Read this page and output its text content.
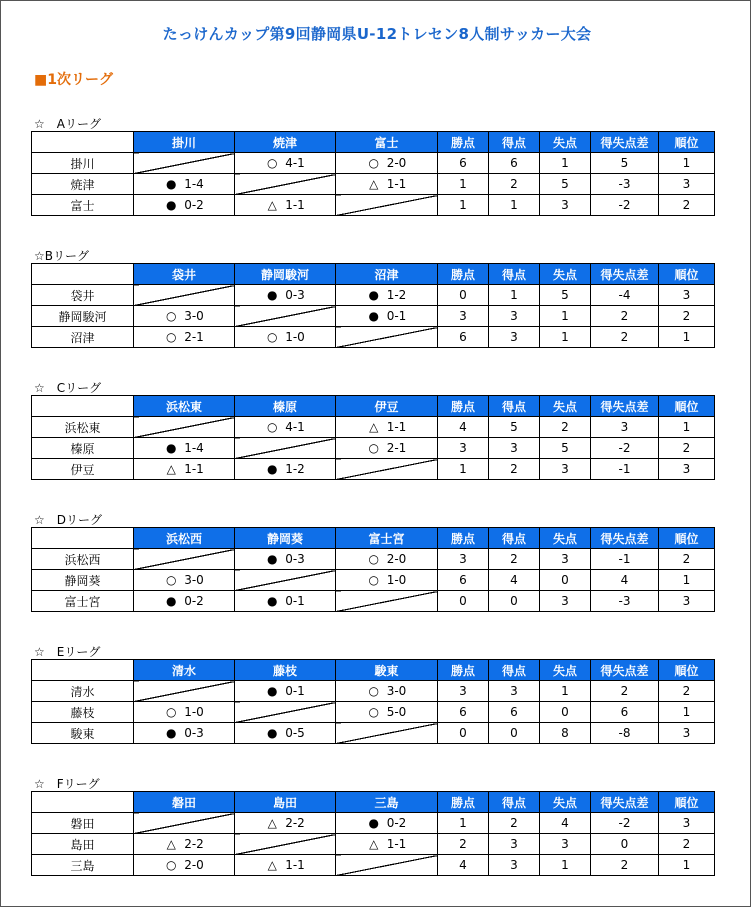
たっけんカップ第9回静岡県U-12トレセン8人制サッカー大会
■1次リーグ
☆　Aリーグ
	掛川	焼津	富士	勝点	得点	失点	得失点差	順位
掛川		○ 4-1	○ 2-0	6	6	1	5	1
焼津	● 1-4		△ 1-1	1	2	5	-3	3
富士	● 0-2	△ 1-1		1	1	3	-2	2
☆Bリーグ
	袋井	静岡駿河	沼津	勝点	得点	失点	得失点差	順位
袋井		● 0-3	● 1-2	0	1	5	-4	3
静岡駿河	○ 3-0		● 0-1	3	3	1	2	2
沼津	○ 2-1	○ 1-0		6	3	1	2	1
☆　Cリーグ
	浜松東	榛原	伊豆	勝点	得点	失点	得失点差	順位
浜松東		○ 4-1	△ 1-1	4	5	2	3	1
榛原	● 1-4		○ 2-1	3	3	5	-2	2
伊豆	△ 1-1	● 1-2		1	2	3	-1	3
☆　Dリーグ
	浜松西	静岡葵	富士宮	勝点	得点	失点	得失点差	順位
浜松西		● 0-3	○ 2-0	3	2	3	-1	2
静岡葵	○ 3-0		○ 1-0	6	4	0	4	1
富士宮	● 0-2	● 0-1		0	0	3	-3	3
☆　Eリーグ
	清水	藤枝	駿東	勝点	得点	失点	得失点差	順位
清水		● 0-1	○ 3-0	3	3	1	2	2
藤枝	○ 1-0		○ 5-0	6	6	0	6	1
駿東	● 0-3	● 0-5		0	0	8	-8	3
☆　Fリーグ
	磐田	島田	三島	勝点	得点	失点	得失点差	順位
磐田		△ 2-2	● 0-2	1	2	4	-2	3
島田	△ 2-2		△ 1-1	2	3	3	0	2
三島	○ 2-0	△ 1-1		4	3	1	2	1
